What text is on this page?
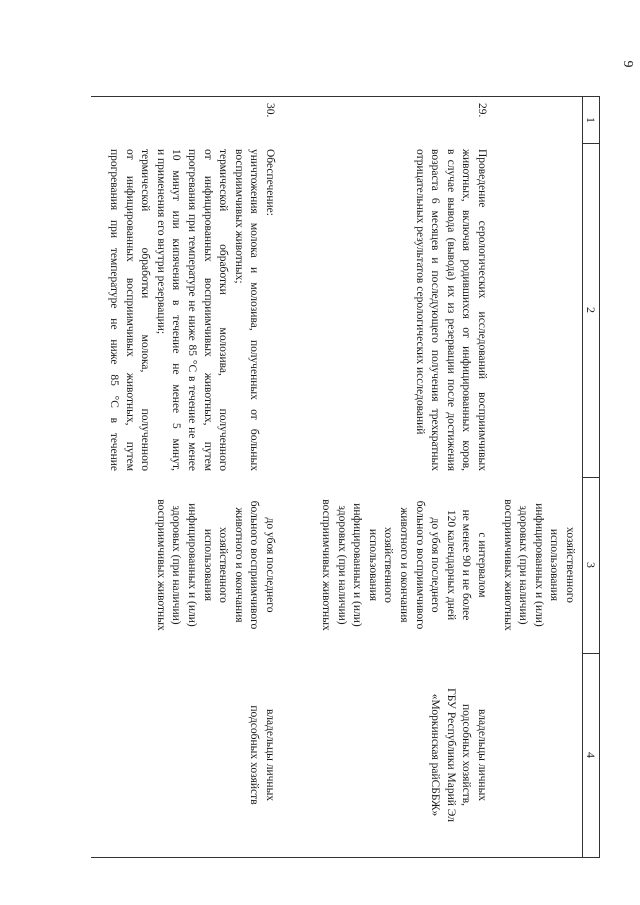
9
1
2
3
4

хозяйственного

использования

инфицированных и (или)

здоровых (при наличии)

восприимчивых животных

29.

Проведение серологических исследований восприимчивых

животных, включая родившихся от инфицированных коров,

в случае вывода (вывода) их из резервации после достижения

возраста 6 месяцев и последующего получения трехкратных

отрицательных результатов серологических исследований

с интервалом

не менее 90 и не более

120 календарных дней

до убоя последнего

больного восприимчивого

животного и окончания

хозяйственного

использования

инфицированных и (или)

здоровых (при наличии)

восприимчивых животных

владельцы личных

подсобных хозяйств,

ГБУ Республики Марий Эл

«Моркинская райСББЖ»

30.

Обеспечение:

уничтожения молока и молозива, полученных от больных

восприимчивых животных;

термической обработки молозива, полученного

от инфицированных восприимчивых животных, путем

прогревания при температуре не ниже 85 °С в течение не менее

10 минут или кипячения в течение не менее 5 минут,

и применения его внутри резервации;

термической обработки молока, полученного

от инфицированных восприимчивых животных, путем

прогревания при температуре не ниже 85 °С в течение

до убоя последнего

больного восприимчивого

животного и окончания

хозяйственного

использования

инфицированных и (или)

здоровых (при наличии)

восприимчивых животных

владельцы личных

подсобных хозяйств
